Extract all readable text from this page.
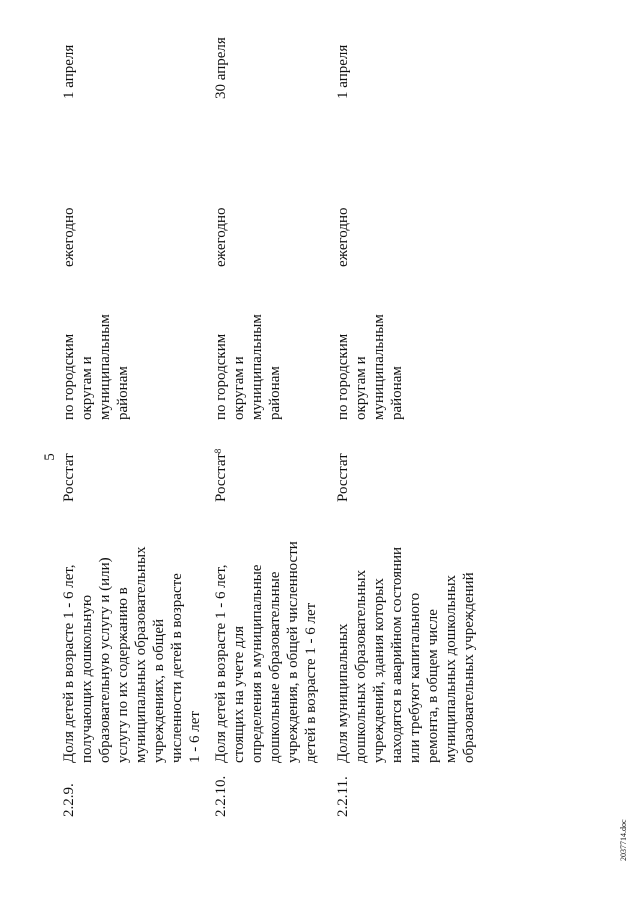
5
2.2.9.
Доля детей в возрасте 1 - 6 лет, получающих дошкольную образовательную услугу и (или) услугу по их содержанию в муниципальных образовательных учреждениях, в общей численности детей в возрасте 1 - 6 лет
Росстат
по городским округам и муниципальным районам
ежегодно
1 апреля
2.2.10.
Доля детей в возрасте 1 - 6 лет, стоящих на учете для определения в муниципальные дошкольные образовательные учреждения, в общей численности детей в возрасте 1 - 6 лет
Росстат$^8$
по городским округам и муниципальным районам
ежегодно
30 апреля
2.2.11.
Доля муниципальных дошкольных образовательных учреждений, здания которых находятся в аварийном состоянии или требуют капитального ремонта, в общем числе муниципальных дошкольных образовательных учреждений
Росстат
по городским округам и муниципальным районам
ежегодно
1 апреля
2037714.doc
